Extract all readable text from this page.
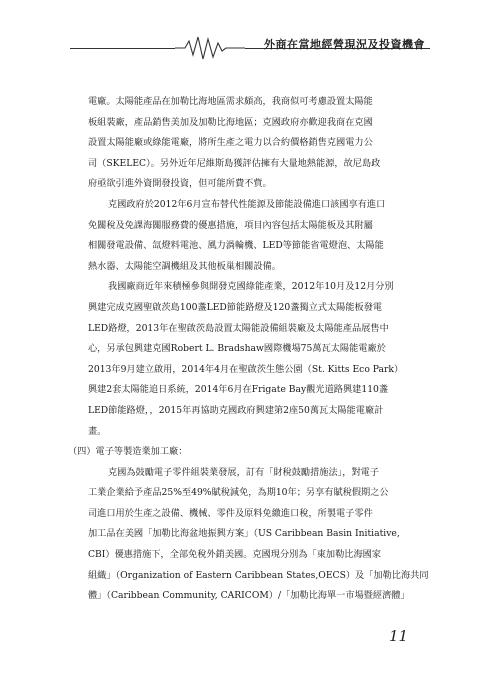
外商在當地經營現況及投資機會
電廠。太陽能產品在加勒比海地區需求頗高，我商似可考慮設置太陽能
板組裝廠，產品銷售美加及加勒比海地區；克國政府亦歡迎我商在克國
設置太陽能廠或綠能電廠，將所生產之電力以合約價格銷售克國電力公
司（SKELEC）。另外近年尼維斯島獲評估擁有大量地熱能源，故尼島政
府亟欲引進外資開發投資，但可能所費不貲。
克國政府於2012年6月宣布替代性能源及節能設備進口該國享有進口
免關稅及免課海關服務費的優惠措施，項目內容包括太陽能板及其附屬
相關發電設備、氙燈料電池、風力渦輪機、LED等節能省電燈泡、太陽能
熱水器、太陽能空調機組及其他板巢相關設備。
我國廠商近年來積極參與開發克國綠能產業，2012年10月及12月分別
興建完成克國聖啟茨島100盞LED節能路燈及120盞獨立式太陽能板發電
LED路燈，2013年在聖啟茨島設置太陽能設備組裝廠及太陽能產品展售中
心，另承包興建克國Robert L. Bradshaw國際機場75萬瓦太陽能電廠於
2013年9月建立啟用，2014年4月在聖啟茨生態公園（St. Kitts Eco Park）
興建2套太陽能追日系統，2014年6月在Frigate Bay觀光道路興建110盞
LED節能路燈，，2015年再協助克國政府興建第2座50萬瓦太陽能電廠計
畫。
（四）電子等製造業加工廠：
克國為鼓勵電子零件組裝業發展，訂有「財稅鼓勵措施法」，對電子
工業企業給予產品25%至49%賦稅減免，為期10年；另享有賦稅假期之公
司進口用於生產之設備、機械、零件及原料免繳進口稅，所製電子零件
加工品在美國「加勒比海盆地振興方案」（US Caribbean Basin Initiative,
CBI）優惠措施下，全部免稅外銷美國。克國現分別為「東加勒比海國家
組織」（Organization of Eastern Caribbean States,OECS）及「加勒比海共同
體」（Caribbean Community, CARICOM）/「加勒比海單一市場暨經濟體」
11
